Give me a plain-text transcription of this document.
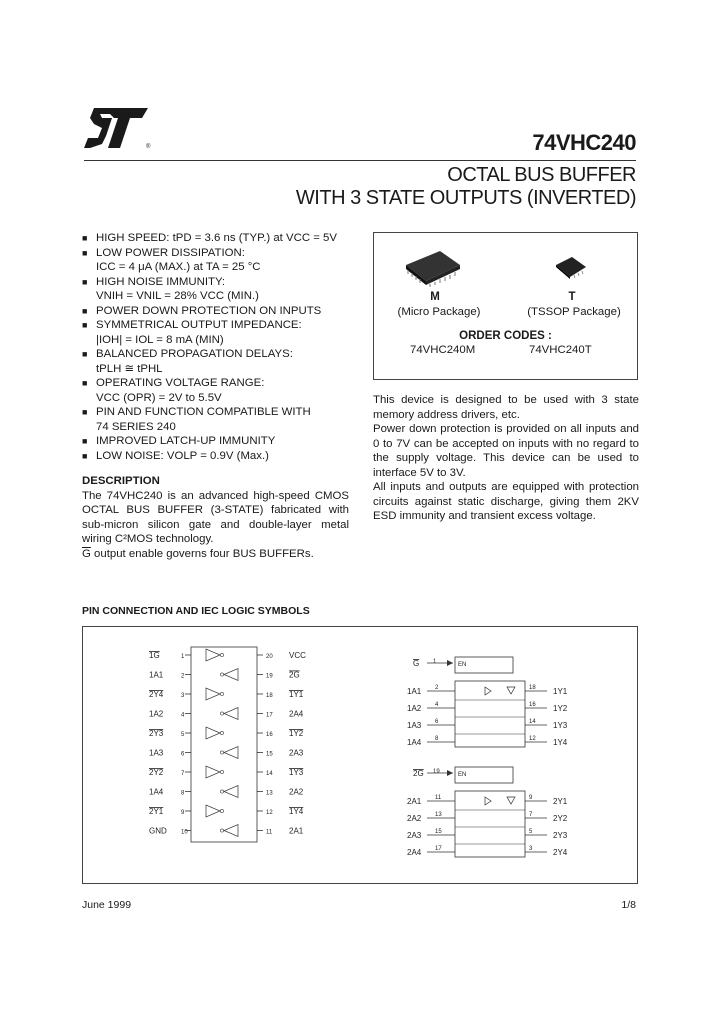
®	74VHC240
OCTAL BUS BUFFER
WITH 3 STATE OUTPUTS (INVERTED)
■ HIGH SPEED: tPD = 3.6 ns (TYP.) at VCC = 5V
■ LOW POWER DISSIPATION:
ICC = 4 μA (MAX.) at TA = 25 °C
■ HIGH NOISE IMMUNITY:
VNIH = VNIL = 28% VCC (MIN.)
■ POWER DOWN PROTECTION ON INPUTS
■ SYMMETRICAL OUTPUT IMPEDANCE:
|IOH| = IOL = 8 mA (MIN)
■ BALANCED PROPAGATION DELAYS:
tPLH ≅ tPHL
■ OPERATING VOLTAGE RANGE:
VCC (OPR) = 2V to 5.5V
■ PIN AND FUNCTION COMPATIBLE WITH
74 SERIES 240
■ IMPROVED LATCH-UP IMMUNITY
■ LOW NOISE: VOLP = 0.9V (Max.)
DESCRIPTION

The 74VHC240 is an advanced high-speed CMOS OCTAL BUS BUFFER (3-STATE) fabricated with sub-micron silicon gate and double-layer metal wiring C²MOS technology.
$\overline{G}$ output enable governs four BUS BUFFERs.

M	T
(Micro Package)	(TSSOP Package)
ORDER CODES :
74VHC240M	74VHC240T

This device is designed to be used with 3 state memory address drivers, etc.

Power down protection is provided on all inputs and 0 to 7V can be accepted on inputs with no regard to the supply voltage. This device can be used to interface 5V to 3V.

All inputs and outputs are equipped with protection circuits against static discharge, giving them 2KV ESD immunity and transient excess voltage.

PIN CONNECTION AND IEC LOGIC SYMBOLS
1G	1
1A1	2
2Y4	3
1A2	4
2Y3	5
1A3	6
2Y2	7
1A4	8
2Y1	9
GND 10
20 VCC
19 2G
18 1Y1
17 2A4
16 1Y2
15 2A3
14 1Y3
13 2A2
12 1Y4
11 2A1
G 1	EN
1A1 2
1A2 4
1A3 6
1A4 8
18 1Y1
16 1Y2
14 1Y3
12 1Y4
2G 19	EN
2A1 11
2A2 13
2A3 15
2A4 17
9	2Y1
7	2Y2
5	2Y3
3	2Y4
June 1999	1/8
